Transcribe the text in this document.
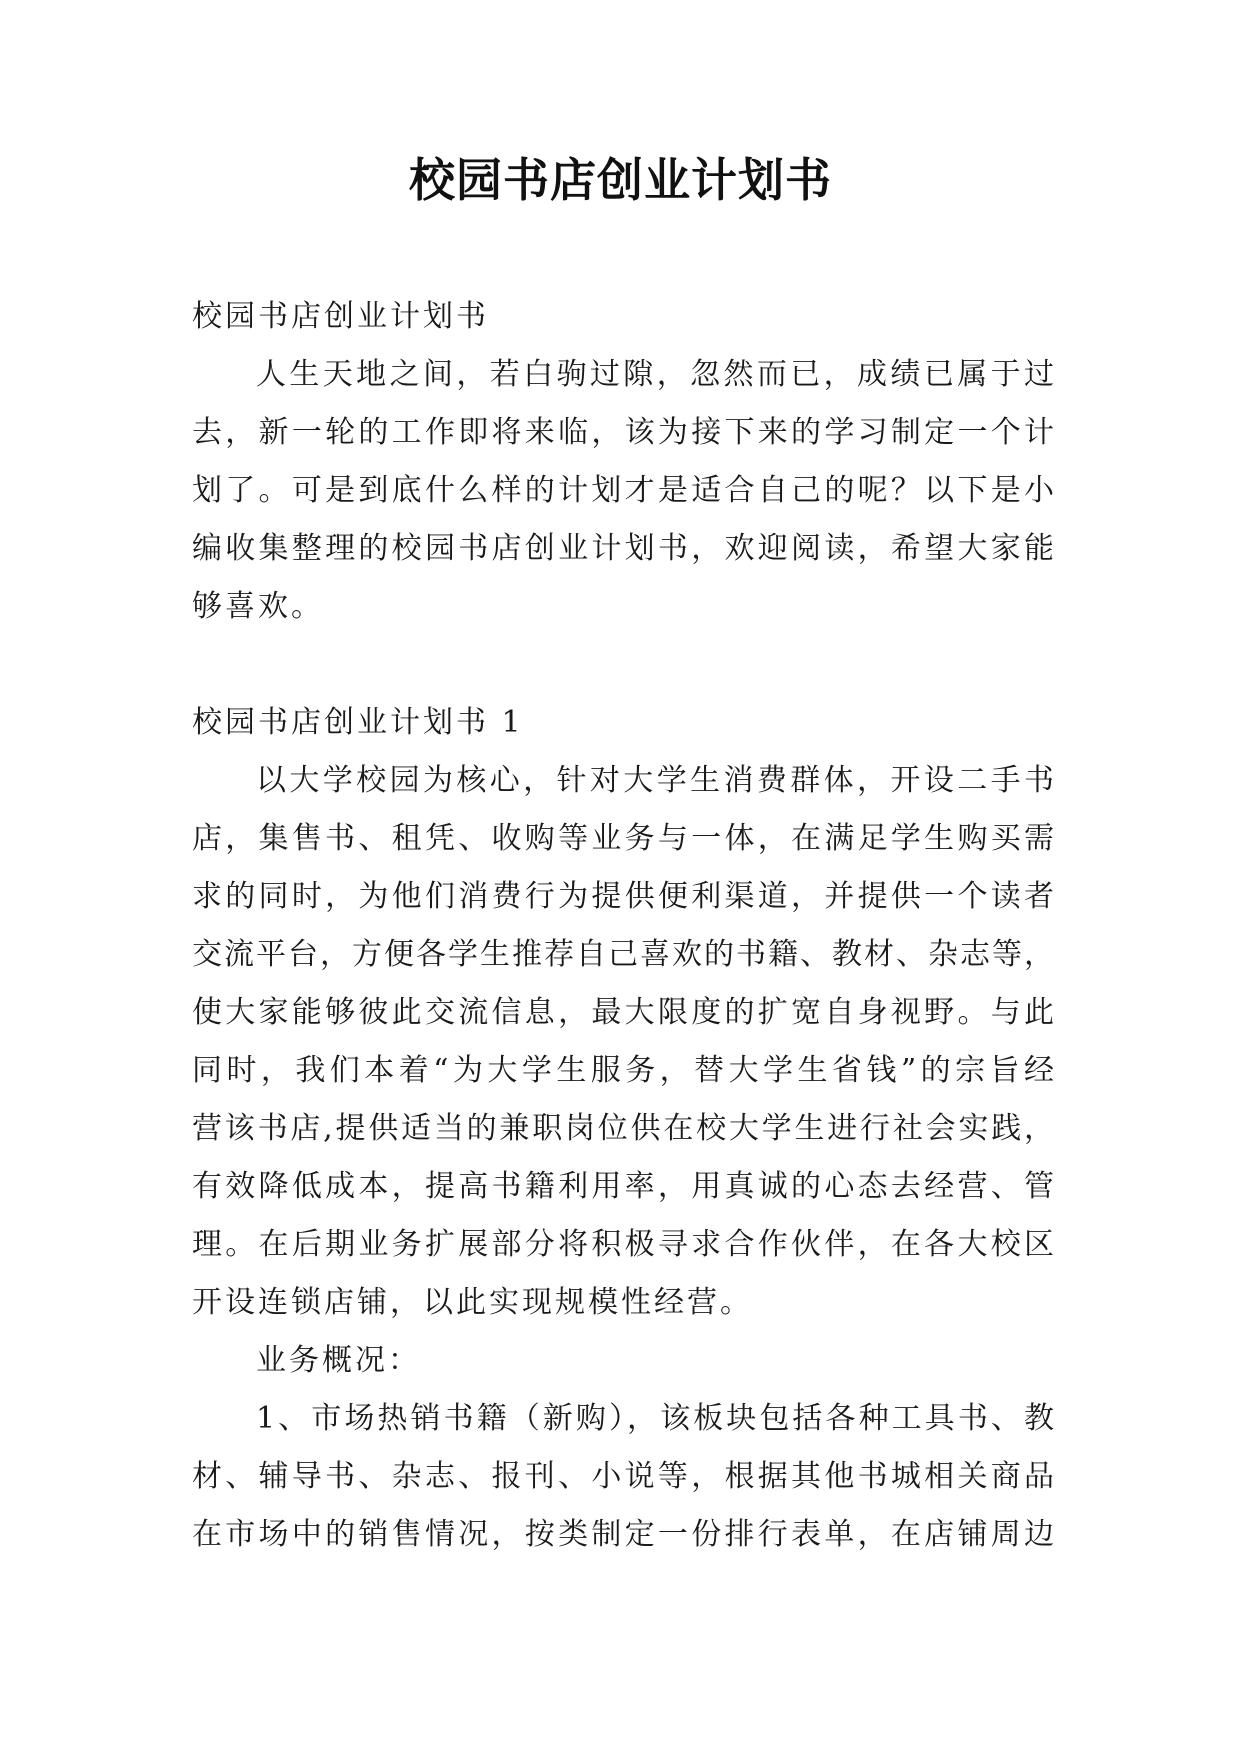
校园书店创业计划书
校园书店创业计划书
人生天地之间，若白驹过隙，忽然而已，成绩已属于过
去，新一轮的工作即将来临，该为接下来的学习制定一个计
划了。可是到底什么样的计划才是适合自己的呢？以下是小
编收集整理的校园书店创业计划书，欢迎阅读，希望大家能
够喜欢。
校园书店创业计划书 1
以大学校园为核心，针对大学生消费群体，开设二手书
店，集售书、租凭、收购等业务与一体，在满足学生购买需
求的同时，为他们消费行为提供便利渠道，并提供一个读者
交流平台，方便各学生推荐自己喜欢的书籍、教材、杂志等，
使大家能够彼此交流信息，最大限度的扩宽自身视野。与此
同时，我们本着“为大学生服务，替大学生省钱”的宗旨经
营该书店,提供适当的兼职岗位供在校大学生进行社会实践，
有效降低成本，提高书籍利用率，用真诚的心态去经营、管
理。在后期业务扩展部分将积极寻求合作伙伴，在各大校区
开设连锁店铺，以此实现规模性经营。
业务概况：
1、市场热销书籍（新购），该板块包括各种工具书、教
材、辅导书、杂志、报刊、小说等，根据其他书城相关商品
在市场中的销售情况，按类制定一份排行表单，在店铺周边
